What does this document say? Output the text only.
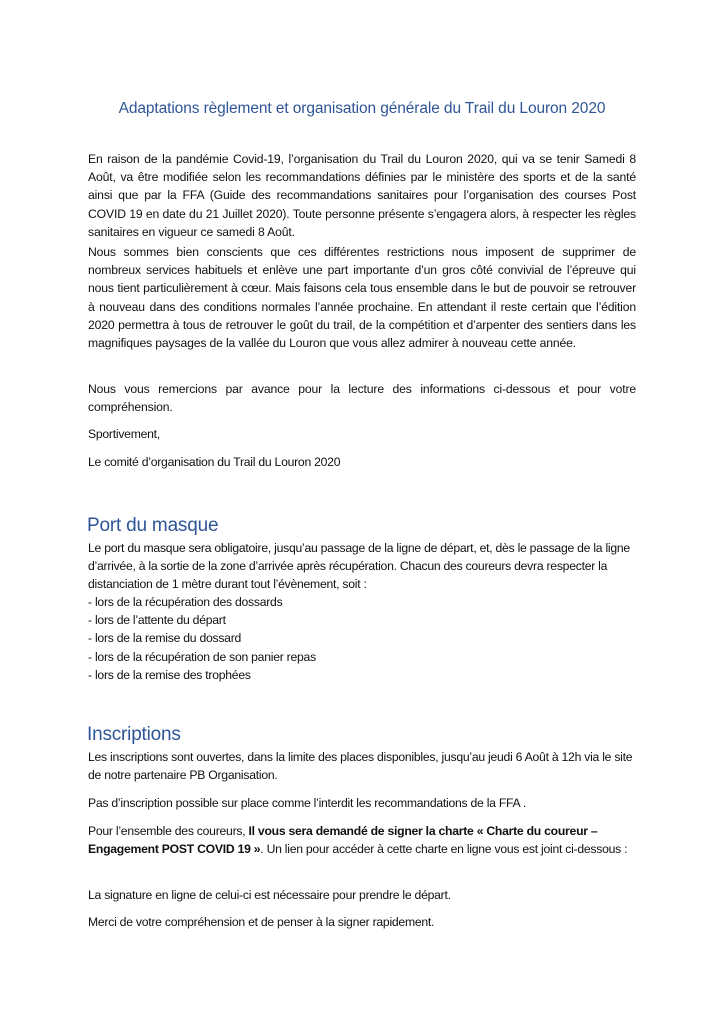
Adaptations règlement et organisation générale du Trail du Louron 2020
En raison de la pandémie Covid-19, l’organisation du Trail du Louron 2020, qui va se tenir Samedi 8 Août, va être modifiée selon les recommandations définies par le ministère des sports et de la santé ainsi que par la FFA (Guide des recommandations sanitaires pour l’organisation des courses Post COVID 19 en date du 21 Juillet 2020). Toute personne présente s’engagera alors, à respecter les règles sanitaires en vigueur ce samedi 8 Août.
Nous sommes bien conscients que ces différentes restrictions nous imposent de supprimer de nombreux services habituels et enlève une part importante d’un gros côté convivial de l’épreuve qui nous tient particulièrement à cœur. Mais faisons cela tous ensemble dans le but de pouvoir se retrouver à nouveau dans des conditions normales l’année prochaine. En attendant il reste certain que l’édition 2020 permettra à tous de retrouver le goût du trail, de la compétition et d’arpenter des sentiers dans les magnifiques paysages de la vallée du Louron que vous allez admirer à nouveau cette année.
Nous vous remercions par avance pour la lecture des informations ci-dessous et pour votre compréhension.
Sportivement,
Le comité d’organisation du Trail du Louron 2020
Port du masque
Le port du masque sera obligatoire, jusqu’au passage de la ligne de départ, et, dès le passage de la ligne d’arrivée, à la sortie de la zone d’arrivée après récupération. Chacun des coureurs devra respecter la distanciation de 1 mètre durant tout l’évènement, soit :
- lors de la récupération des dossards
- lors de l’attente du départ
- lors de la remise du dossard
- lors de la récupération de son panier repas
- lors de la remise des trophées
Inscriptions
Les inscriptions sont ouvertes, dans la limite des places disponibles, jusqu’au jeudi 6 Août à 12h via le site de notre partenaire PB Organisation.
Pas d’inscription possible sur place comme l’interdit les recommandations de la FFA .
Pour l’ensemble des coureurs, Il vous sera demandé de signer la charte « Charte du coureur – Engagement POST COVID 19 ». Un lien pour accéder à cette charte en ligne vous est joint ci-dessous :
La signature en ligne de celui-ci est nécessaire pour prendre le départ.
Merci de votre compréhension et de penser à la signer rapidement.
